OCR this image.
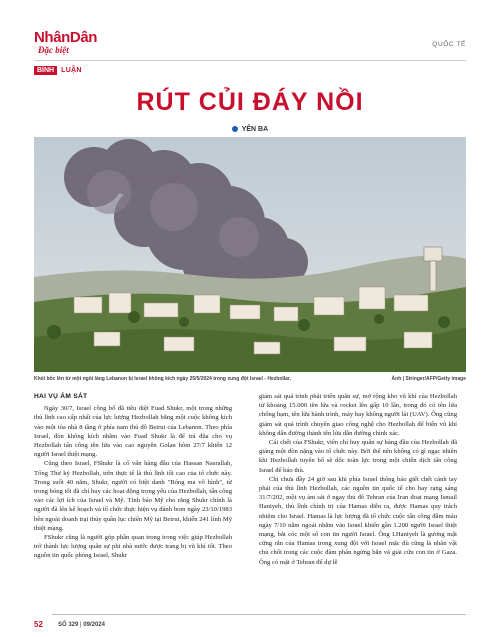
NhânDân
Đặc biệt
QUỐC TẾ
BÌNH	LUẬN
RÚT CỦI ĐÁY NỒI
YÊN BA
Khói bốc lên từ một ngôi làng Lebanon bị Israel không kích ngày 25/5/2024 trong xung đột Israel - Hezbollar.	Ảnh | Stringer/AFP/Getty image
HAI VỤ ÁM SÁT

Ngày 30/7, Israel công bố đã tiêu diệt Fuad Shukr, một trong những thủ lĩnh cao cấp nhất của lực lượng Hezbollah bằng một cuộc không kích vào một tòa nhà 8 tầng ở phía nam thủ đô Beirut của Lebanon. Theo phía Israel, đòn không kích nhằm vào Fuad Shukr là để trả đũa cho vụ Hezbollah tấn công tên lửa vào cao nguyên Golan hôm 27/7 khiến 12 người Israel thiệt mạng.

Cũng theo Israel, FShukr là cố vấn hàng đầu của Hassan Nasrallah, Tổng Thư ký Hezbollah, trên thực tế là thủ lĩnh tối cao của tổ chức này. Trong suốt 40 năm, Shukr, người có biệt danh "Bóng ma vô hình", từ trong bóng tối đã chỉ huy các hoạt động trọng yếu của Hezbollah, tấn công vào các lợi ích của Israel và Mỹ. Tình báo Mỹ cho rằng Shukr chính là người đã lên kế hoạch và tổ chức thực hiện vụ đánh bom ngày 23/10/1983 bên ngoài doanh trại thủy quân lục chiến Mỹ tại Beirut, khiến 241 lính Mỹ thiệt mạng.

FShukr cũng là người góp phần quan trọng trong việc giúp Hezbollah trở thành lực lượng quân sự phi nhà nước được trang bị vũ khí tốt. Theo nguồn tin quốc phòng Israel, Shukr

giám sát quá trình phát triển quân sự, mở rộng kho vũ khí của Hezbollah từ khoảng 15.000 tên lửa và rocket lên gấp 10 lần, trong đó có tên lửa chống hạm, tên lửa hành trình, máy bay không người lái (UAV). Ông cũng giám sát quá trình chuyển giao công nghệ cho Hezbollah để biến vũ khí không dẫn đường thành tên lửa dẫn đường chính xác.

Cái chết của FShukr, viên chỉ huy quân sự hàng đầu của Hezbollah đã giáng một đòn nặng vào tổ chức này. Bởi thế nên không có gì ngạc nhiên khi Hezbollah tuyên bố sẽ dốc toàn lực trong một chiến dịch tấn công Israel để báo thù.

Chỉ chưa đầy 24 giờ sau khi phía Israel thông báo giết chết cánh tay phải của thủ lĩnh Hezbollah, các nguồn tin quốc tế cho hay rạng sáng 31/7/202, một vụ ám sát ở ngay thủ đô Tehran của Iran đoạt mạng Ismail Haniyeh, thủ lĩnh chính trị của Hamas diễn ra, được Hamas quy trách nhiệm cho Israel. Hamas là lực lượng đã tổ chức cuộc tấn công đẫm máu ngày 7/10 năm ngoái nhằm vào Israel khiến gần 1.200 người Israel thiệt mạng, bắt cóc một số con tin người Israel. Ông I.Haniyeh là gương mặt cứng rắn của Hamas trong xung đột với Israel mặc dù cũng là nhân vật chủ chốt trong các cuộc đàm phán ngừng bắn và giải cứu con tin ở Gaza. Ông có mặt ở Tehran để dự lễ

52	SỐ 329 | 09/2024
